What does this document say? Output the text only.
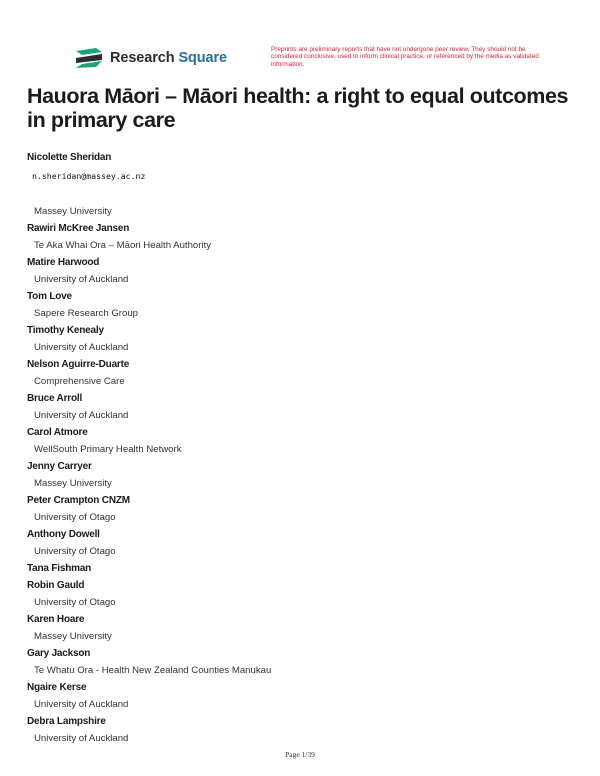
Research Square
Preprints are preliminary reports that have not undergone peer review. They should not be considered conclusive, used to inform clinical practice, or referenced by the media as validated information.
Hauora Māori – Māori health: a right to equal outcomes in primary care
Nicolette Sheridan
n.sheridan@massey.ac.nz
Massey University
Rawiri McKree Jansen
Te Aka Whai Ora – Māori Health Authority
Matire Harwood
University of Auckland
Tom Love
Sapere Research Group
Timothy Kenealy
University of Auckland
Nelson Aguirre-Duarte
Comprehensive Care
Bruce Arroll
University of Auckland
Carol Atmore
WellSouth Primary Health Network
Jenny Carryer
Massey University
Peter Crampton CNZM
University of Otago
Anthony Dowell
University of Otago
Tana Fishman
Robin Gauld
University of Otago
Karen Hoare
Massey University
Gary Jackson
Te Whatu Ora - Health New Zealand Counties Manukau
Ngaire Kerse
University of Auckland
Debra Lampshire
University of Auckland
Page 1/39
